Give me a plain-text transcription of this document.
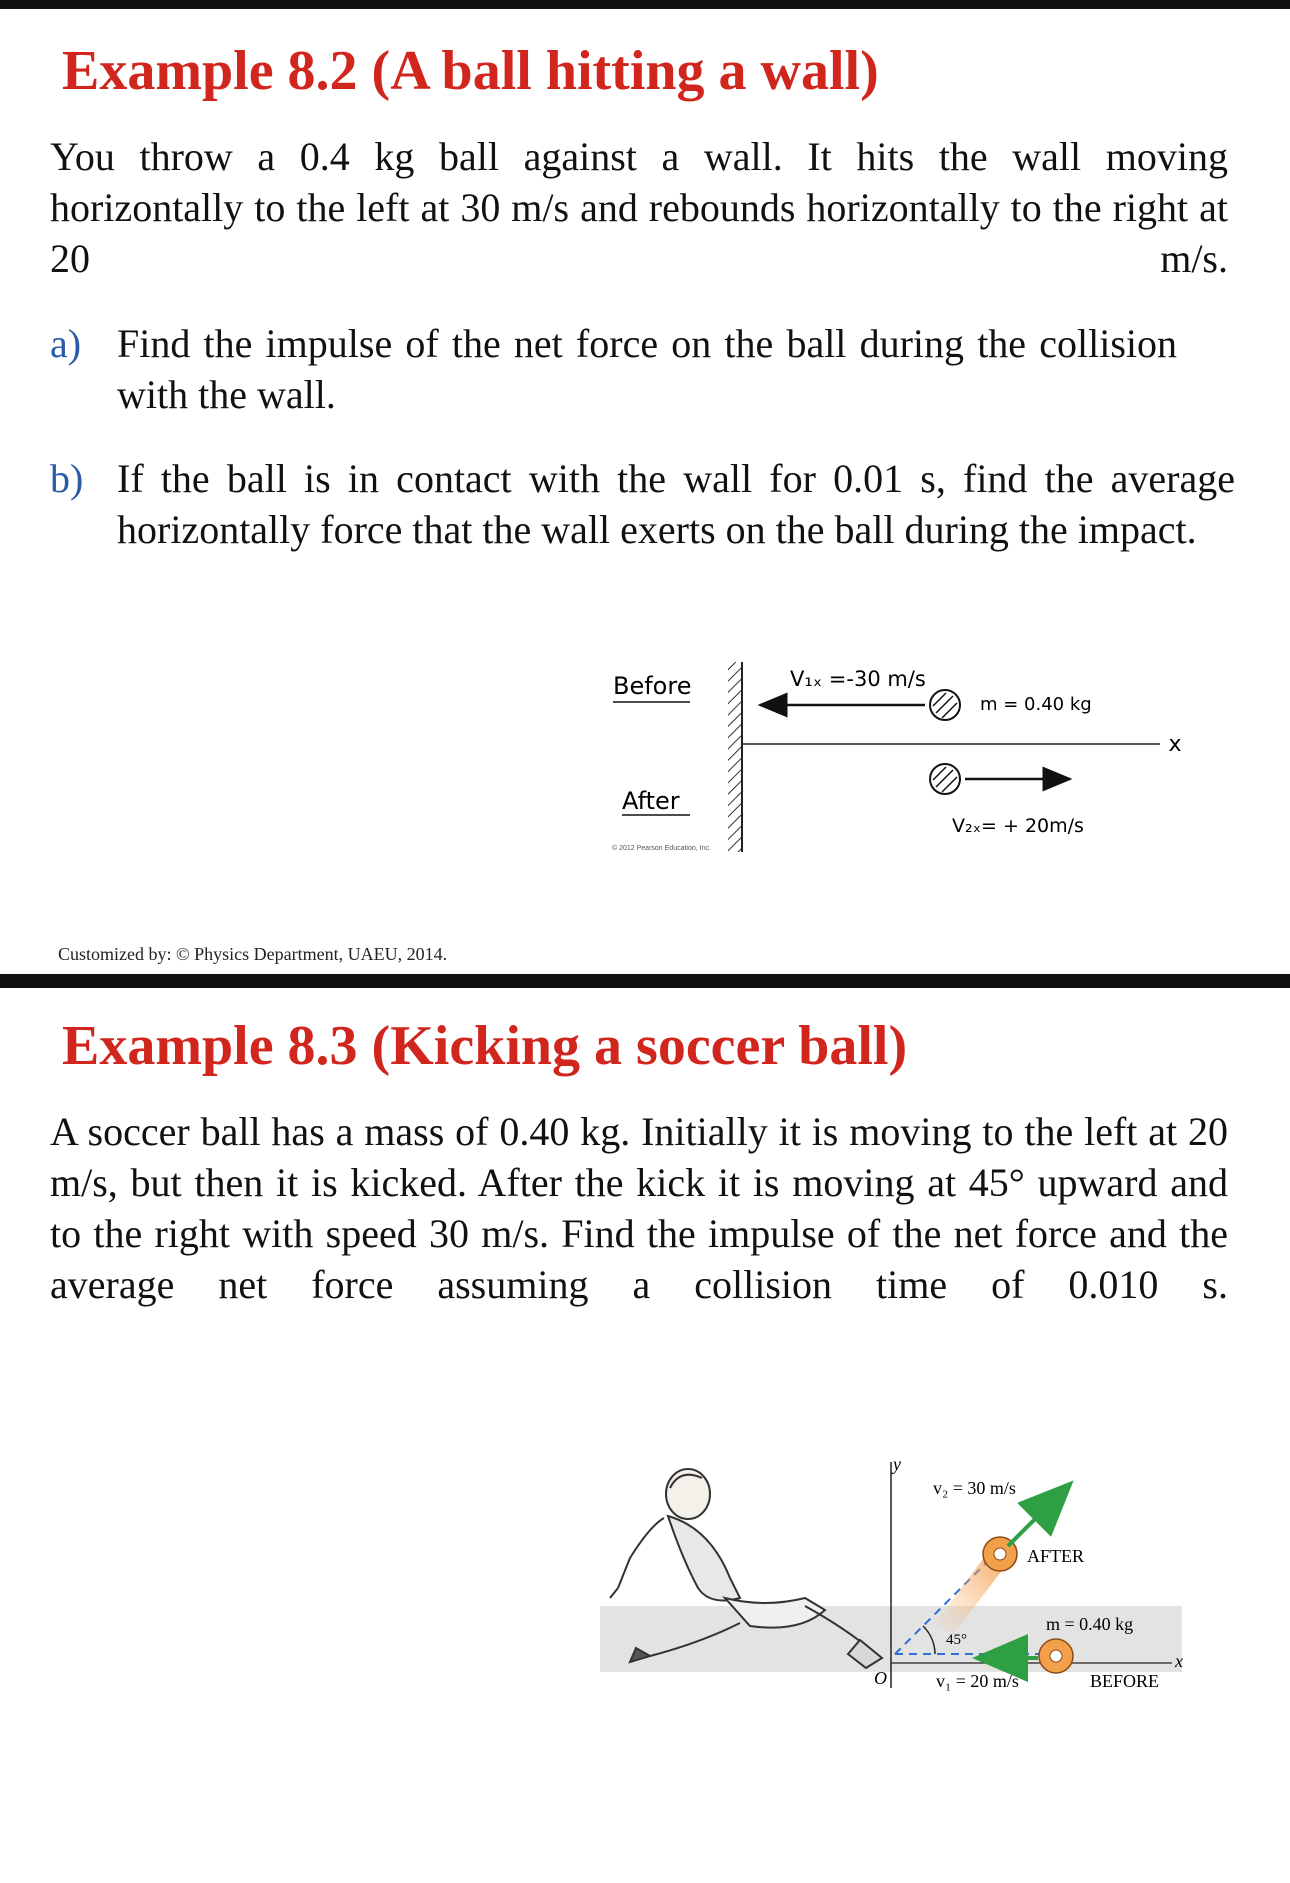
Example 8.2 (A ball hitting a wall)

You throw a 0.4 kg ball against a wall. It hits the wall moving horizontally to the left at 30 m/s and rebounds horizontally to the right at 20 m/s.

a) Find the impulse of the net force on the ball during the collision with the wall.
b) If the ball is in contact with the wall for 0.01 s, find the average horizontally force that the wall exerts on the ball during the impact.
Customized by: © Physics Department, UAEU, 2014.
Before
After
© 2012 Pearson Education, Inc.
x
V₁ₓ =-30 m/s
m = 0.40 kg
V₂ₓ= + 20m/s
Example 8.3 (Kicking a soccer ball)

A soccer ball has a mass of 0.40 kg. Initially it is moving to the left at 20 m/s, but then it is kicked. After the kick it is moving at 45° upward and to the right with speed 30 m/s. Find the impulse of the net force and the average net force assuming a collision time of 0.010 s.

y
O
x
45°
v₂ = 30 m/s
AFTER
m = 0.40 kg
v₁ = 20 m/s	BEFORE
